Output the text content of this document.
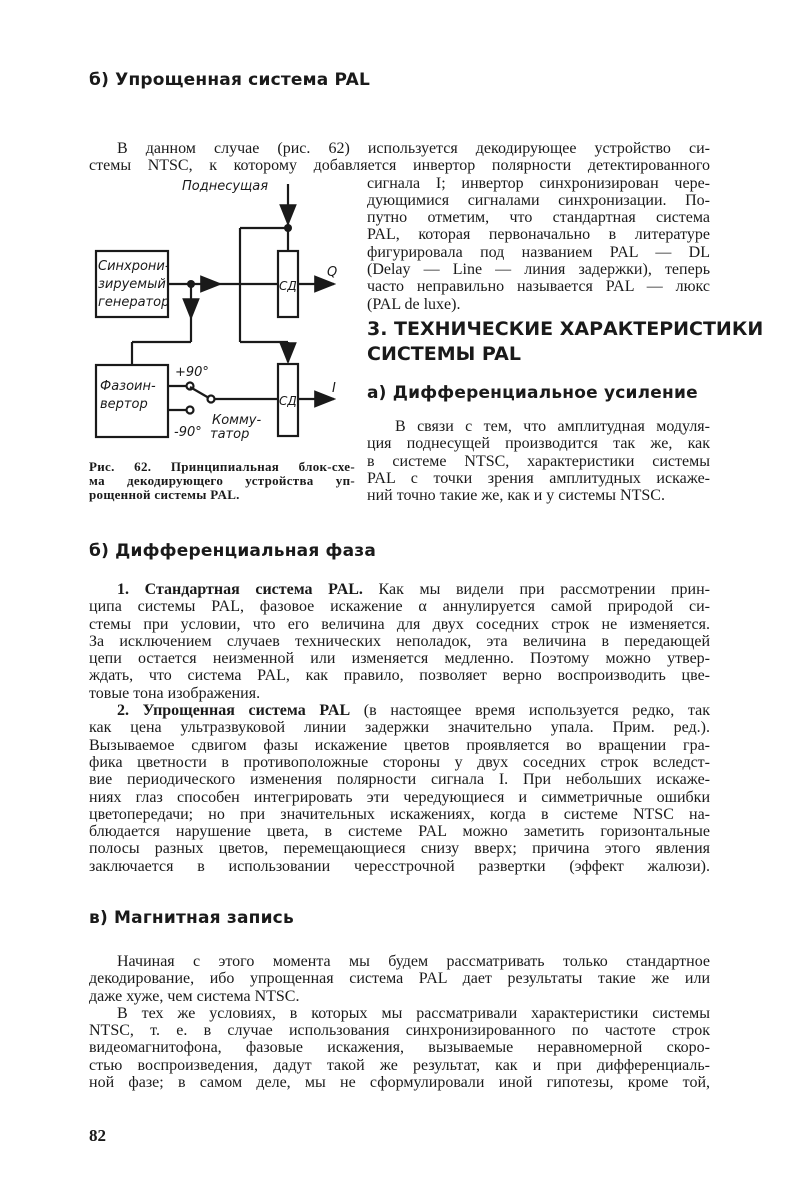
б) Упрощенная система PAL
В данном случае (рис. 62) используется декодирующее устройство си-
стемы NTSC, к которому добавляется инвертор полярности детектированного
сигнала I; инвертор синхронизирован чере-
дующимися сигналами синхронизации. По-
путно отметим, что стандартная система
PAL, которая первоначально в литературе
фигурировала под названием PAL — DL
(Delay — Line — линия задержки), теперь
часто неправильно называется PAL — люкс
(PAL de luxe).
Поднесущая
Синхрони-
зируемый
генератор
Фазоин-
вертор
+90°
-90°
Комму-
татор
СД
СД
Q
I
Рис. 62. Принципиальная блок-схе-
ма декодирующего устройства уп-
рощенной системы PAL.
3. ТЕХНИЧЕСКИЕ ХАРАКТЕРИСТИКИ
СИСТЕМЫ PAL
а) Дифференциальное усиление
В связи с тем, что амплитудная модуля-
ция поднесущей производится так же, как
в системе NTSC, характеристики системы
PAL с точки зрения амплитудных искаже-
ний точно такие же, как и у системы NTSC.
б) Дифференциальная фаза
1. Стандартная система PAL. Как мы видели при рассмотрении прин-
ципа системы PAL, фазовое искажение α аннулируется самой природой си-
стемы при условии, что его величина для двух соседних строк не изменяется.
За исключением случаев технических неполадок, эта величина в передающей
цепи остается неизменной или изменяется медленно. Поэтому можно утвер-
ждать, что система PAL, как правило, позволяет верно воспроизводить цве-
товые тона изображения.
2. Упрощенная система PAL (в настоящее время используется редко, так
как цена ультразвуковой линии задержки значительно упала. Прим. ред.).
Вызываемое сдвигом фазы искажение цветов проявляется во вращении гра-
фика цветности в противоположные стороны у двух соседних строк вследст-
вие периодического изменения полярности сигнала I. При небольших искаже-
ниях глаз способен интегрировать эти чередующиеся и симметричные ошибки
цветопередачи; но при значительных искажениях, когда в системе NTSC на-
блюдается нарушение цвета, в системе PAL можно заметить горизонтальные
полосы разных цветов, перемещающиеся снизу вверх; причина этого явления
заключается в использовании чересстрочной развертки (эффект жалюзи).
в) Магнитная запись
Начиная с этого момента мы будем рассматривать только стандартное
декодирование, ибо упрощенная система PAL дает результаты такие же или
даже хуже, чем система NTSC.
В тех же условиях, в которых мы рассматривали характеристики системы
NTSC, т. е. в случае использования синхронизированного по частоте строк
видеомагнитофона, фазовые искажения, вызываемые неравномерной скоро-
стью воспроизведения, дадут такой же результат, как и при дифференциаль-
ной фазе; в самом деле, мы не сформулировали иной гипотезы, кроме той,
82
